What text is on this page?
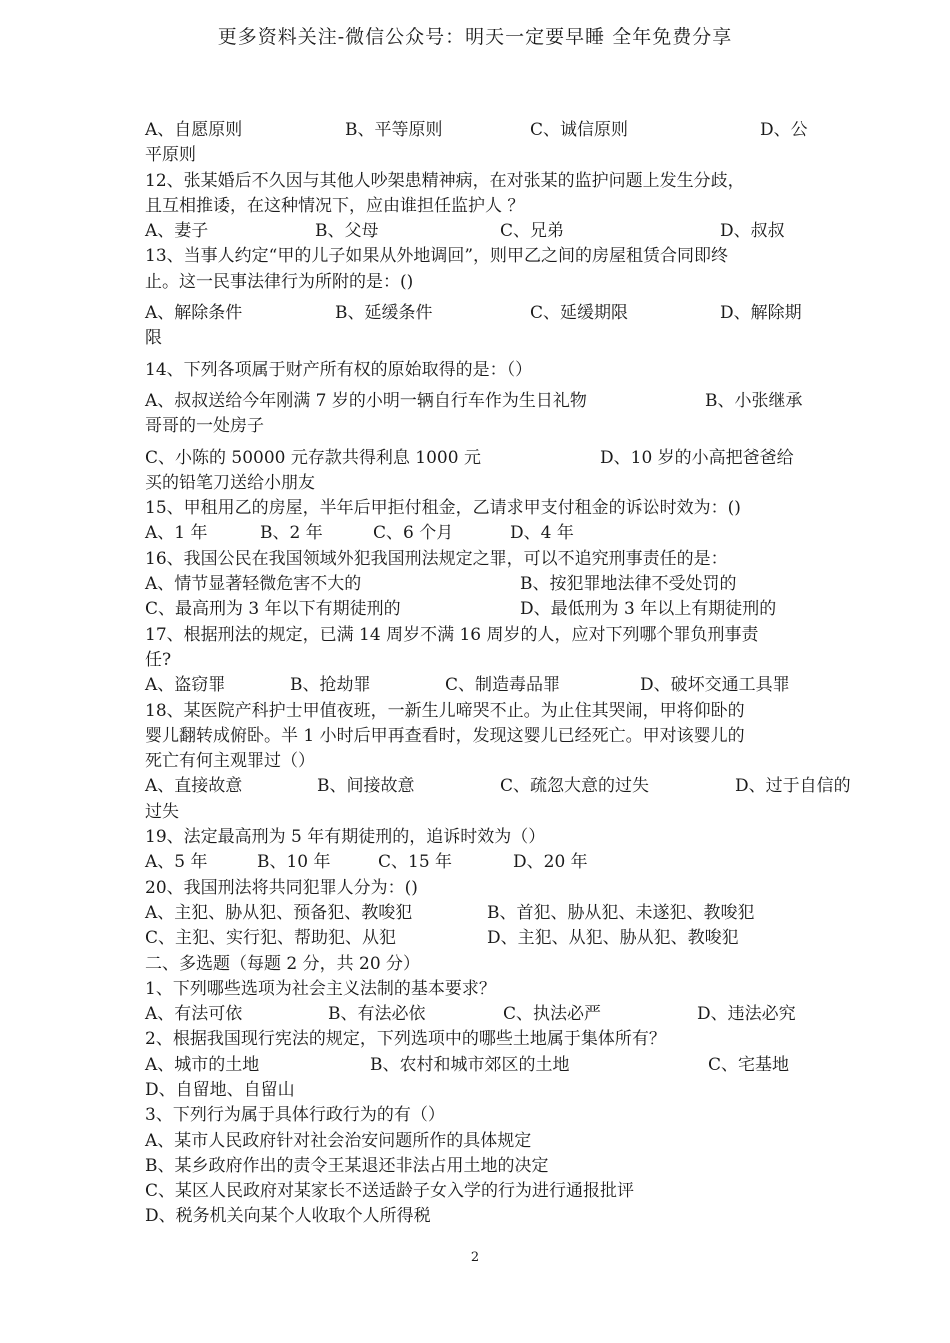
更多资料关注-微信公众号：明天一定要早睡 全年免费分享
A、自愿原则	B、平等原则	C、诚信原则	D、公
平原则
12、张某婚后不久因与其他人吵架患精神病，在对张某的监护问题上发生分歧，
且互相推诿，在这种情况下，应由谁担任监护人 ？
A、妻子	B、父母	C、兄弟	D、叔叔
13、当事人约定“甲的儿子如果从外地调回”，则甲乙之间的房屋租赁合同即终
止。这一民事法律行为所附的是：()
A、解除条件	B、延缓条件	C、延缓期限	D、解除期
限
14、下列各项属于财产所有权的原始取得的是：（）
A、叔叔送给今年刚满 7 岁的小明一辆自行车作为生日礼物	B、小张继承
哥哥的一处房子
C、小陈的 50000 元存款共得利息 1000 元	D、10 岁的小高把爸爸给
买的铅笔刀送给小朋友
15、甲租用乙的房屋，半年后甲拒付租金，乙请求甲支付租金的诉讼时效为：()
A、1 年	B、2 年	C、6 个月	D、4 年
16、我国公民在我国领域外犯我国刑法规定之罪，可以不追究刑事责任的是：
A、情节显著轻微危害不大的	B、按犯罪地法律不受处罚的
C、最高刑为 3 年以下有期徒刑的	D、最低刑为 3 年以上有期徒刑的
17、根据刑法的规定，已满 14 周岁不满 16 周岁的人，应对下列哪个罪负刑事责
任?
A、盗窃罪	B、抢劫罪	C、制造毒品罪	D、破坏交通工具罪
18、某医院产科护士甲值夜班，一新生儿啼哭不止。为止住其哭闹，甲将仰卧的
婴儿翻转成俯卧。半 1 小时后甲再查看时，发现这婴儿已经死亡。甲对该婴儿的
死亡有何主观罪过（）
A、直接故意	B、间接故意	C、疏忽大意的过失	D、过于自信的
过失
19、法定最高刑为 5 年有期徒刑的，追诉时效为（）
A、5 年	B、10 年	C、15 年	D、20 年
20、我国刑法将共同犯罪人分为：()
A、主犯、胁从犯、预备犯、教唆犯	B、首犯、胁从犯、未遂犯、教唆犯
C、主犯、实行犯、帮助犯、从犯	D、主犯、从犯、胁从犯、教唆犯
二、多选题（每题 2 分，共 20 分）
1、下列哪些选项为社会主义法制的基本要求？
A、有法可依	B、有法必依	C、执法必严	D、违法必究
2、根据我国现行宪法的规定，下列选项中的哪些土地属于集体所有？
A、城市的土地	B、农村和城市郊区的土地	C、宅基地
D、自留地、自留山
3、下列行为属于具体行政行为的有（）
A、某市人民政府针对社会治安问题所作的具体规定
B、某乡政府作出的责令王某退还非法占用土地的决定
C、某区人民政府对某家长不送适龄子女入学的行为进行通报批评
D、税务机关向某个人收取个人所得税
2
